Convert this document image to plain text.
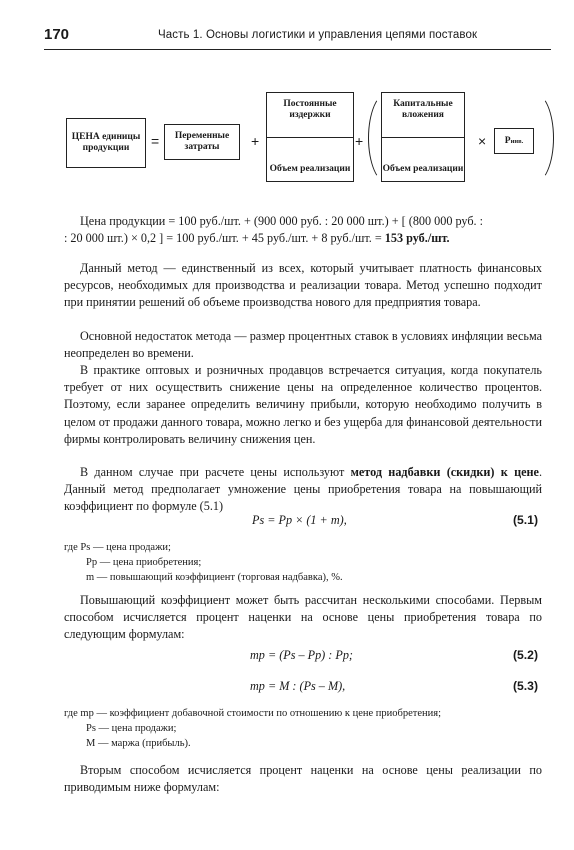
170	Часть 1. Основы логистики и управления цепями поставок
ЦЕНА единицы продукции	=	Переменные затраты	+
Постоянные издержки
Объем реализации
+
Капитальные вложения
Объем реализации
× P инв.
Цена продукции = 100 руб./шт. + (900 000 руб. : 20 000 шт.) + [ (800 000 руб. :
: 20 000 шт.) × 0,2 ] = 100 руб./шт. + 45 руб./шт. + 8 руб./шт. = 153 руб./шт.
Данный метод — единственный из всех, который учитывает платность финансовых ресурсов, необходимых для производства и реализации товара. Метод успешно подходит при принятии решений об объеме производства нового для предприятия товара.
Основной недостаток метода — размер процентных ставок в условиях инфляции весьма неопределен во времени.
В практике оптовых и розничных продавцов встречается ситуация, когда покупатель требует от них осуществить снижение цены на определенное количество процентов. Поэтому, если заранее определить величину прибыли, которую необходимо получить в целом от продажи данного товара, можно легко и без ущерба для финансовой деятельности фирмы контролировать величину снижения цен.
В данном случае при расчете цены используют метод надбавки (скидки) к цене. Данный метод предполагает умножение цены приобретения товара на повышающий коэффициент по формуле (5.1)
Ps = Pp × (1 + m),	(5.1)
где Ps — цена продажи;
Pp — цена приобретения;
m — повышающий коэффициент (торговая надбавка), %.
Повышающий коэффициент может быть рассчитан несколькими способами. Первым способом исчисляется процент наценки на основе цены приобретения товара по следующим формулам:
mp = (Ps – Pp) : Pp;	(5.2)
mp = M : (Ps – M),	(5.3)
где mp — коэффициент добавочной стоимости по отношению к цене приобретения;
Ps — цена продажи;
M — маржа (прибыль).
Вторым способом исчисляется процент наценки на основе цены реализации по приводимым ниже формулам:
